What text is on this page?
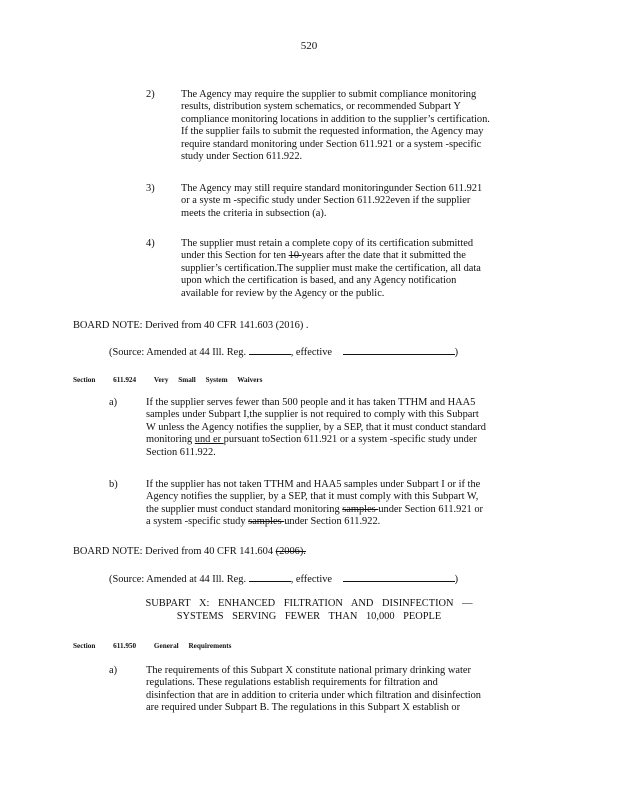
520
2)	The Agency may require the supplier to submit compliance monitoring
results, distribution system schematics, or recommended Subpart Y
compliance monitoring locations in addition to the supplier’s certification.
If the supplier fails to submit the requested information, the Agency may
require standard monitoring under Section 611.921 or a system -specific
study under Section 611.922.
3)	The Agency may still require standard monitoringunder Section 611.921
or a syste m -specific study under Section 611.922even if the supplier
meets the criteria in subsection (a).
4)	The supplier must retain a complete copy of its certification submitted
under this Section for ten 10 years after the date that it submitted the
supplier’s certification.The supplier must make the certification, all data
upon which the certification is based, and any Agency notification
available for review by the Agency or the public.
BOARD NOTE: Derived from 40 CFR 141.603 (2016) .
(Source: Amended at 44 Ill. Reg.	, effective	)
Section 611.924 Very Small System Waivers
a)	If the supplier serves fewer than 500 people and it has taken TTHM and HAA5
samples under Subpart I,the supplier is not required to comply with this Subpart
W unless the Agency notifies the supplier, by a SEP, that it must conduct standard
monitoring und er pursuant toSection 611.921 or a system -specific study under
Section 611.922.
b)	If the supplier has not taken TTHM and HAA5 samples under Subpart I or if the
Agency notifies the supplier, by a SEP, that it must comply with this Subpart W,
the supplier must conduct standard monitoring samples under Section 611.921 or
a system -specific study samples under Section 611.922.
BOARD NOTE: Derived from 40 CFR 141.604 (2006).
(Source: Amended at 44 Ill. Reg.	, effective	)
SUBPART X: ENHANCED FILTRATION AND DISINFECTION —
SYSTEMS SERVING FEWER THAN 10,000 PEOPLE
Section 611.950 General Requirements
a)	The requirements of this Subpart X constitute national primary drinking water
regulations. These regulations establish requirements for filtration and
disinfection that are in addition to criteria under which filtration and disinfection
are required under Subpart B. The regulations in this Subpart X establish or
